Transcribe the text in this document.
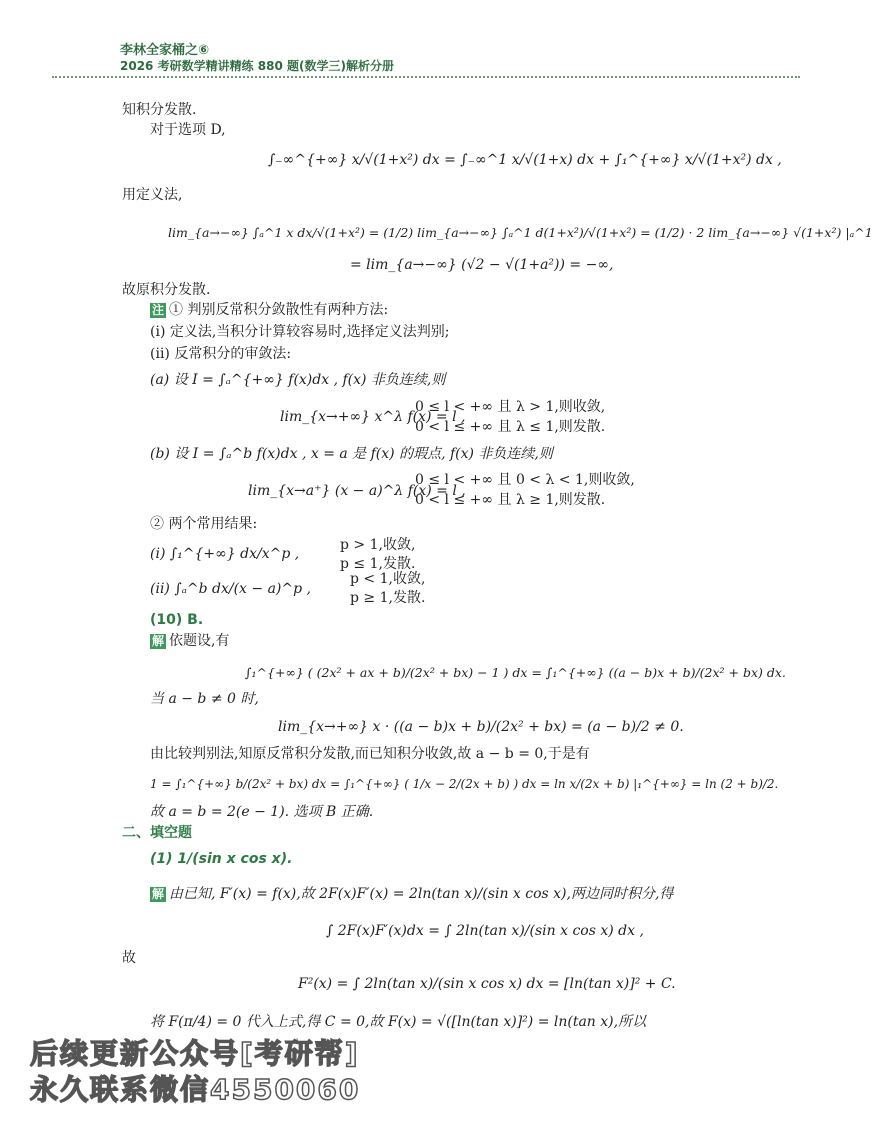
李林全家桶之⑥
2026 考研数学精讲精练 880 题(数学三)解析分册
知积分发散.
对于选项 D,
∫₋∞^{+∞} x/√(1+x²) dx = ∫₋∞^1 x/√(1+x) dx + ∫₁^{+∞} x/√(1+x²) dx ,
用定义法,
lim_{a→−∞} ∫ₐ^1 x dx/√(1+x²) = (1/2) lim_{a→−∞} ∫ₐ^1 d(1+x²)/√(1+x²) = (1/2) · 2 lim_{a→−∞} √(1+x²) |ₐ^1
= lim_{a→−∞} (√2 − √(1+a²)) = −∞,
故原积分发散.
注 ① 判别反常积分敛散性有两种方法:
(ⅰ) 定义法,当积分计算较容易时,选择定义法判别;
(ⅱ) 反常积分的审敛法:
(a) 设 I = ∫ₐ^{+∞} f(x)dx , f(x) 非负连续,则
lim_{x→+∞} x^λ f(x) = l ,
0 ≤ l < +∞ 且 λ > 1,则收敛,
0 < l ≤ +∞ 且 λ ≤ 1,则发散.
(b) 设 I = ∫ₐ^b f(x)dx , x = a 是 f(x) 的瑕点, f(x) 非负连续,则
lim_{x→a⁺} (x − a)^λ f(x) = l ,
0 ≤ l < +∞ 且 0 < λ < 1,则收敛,
0 < l ≤ +∞ 且 λ ≥ 1,则发散.
② 两个常用结果:
(ⅰ) ∫₁^{+∞} dx/x^p ,
p > 1,收敛,
p ≤ 1,发散.
(ⅱ) ∫ₐ^b dx/(x − a)^p ,
p < 1,收敛,
p ≥ 1,发散.
(10) B.
解 依题设,有
∫₁^{+∞} ( (2x² + ax + b)/(2x² + bx) − 1 ) dx = ∫₁^{+∞} ((a − b)x + b)/(2x² + bx) dx.
当 a − b ≠ 0 时,
lim_{x→+∞} x · ((a − b)x + b)/(2x² + bx) = (a − b)/2 ≠ 0.
由比较判别法,知原反常积分发散,而已知积分收敛,故 a − b = 0,于是有
1 = ∫₁^{+∞} b/(2x² + bx) dx = ∫₁^{+∞} ( 1/x − 2/(2x + b) ) dx = ln x/(2x + b) |₁^{+∞} = ln (2 + b)/2.
故 a = b = 2(e − 1). 选项 B 正确.
二、填空题
(1) 1/(sin x cos x).
解 由已知, F′(x) = f(x),故 2F(x)F′(x) = 2ln(tan x)/(sin x cos x),两边同时积分,得
∫ 2F(x)F′(x)dx = ∫ 2ln(tan x)/(sin x cos x) dx ,
故
F²(x) = ∫ 2ln(tan x)/(sin x cos x) dx = [ln(tan x)]² + C.
将 F(π/4) = 0 代入上式,得 C = 0,故 F(x) = √([ln(tan x)]²) = ln(tan x),所以
后续更新公众号[考研帮]
永久联系微信4550060
